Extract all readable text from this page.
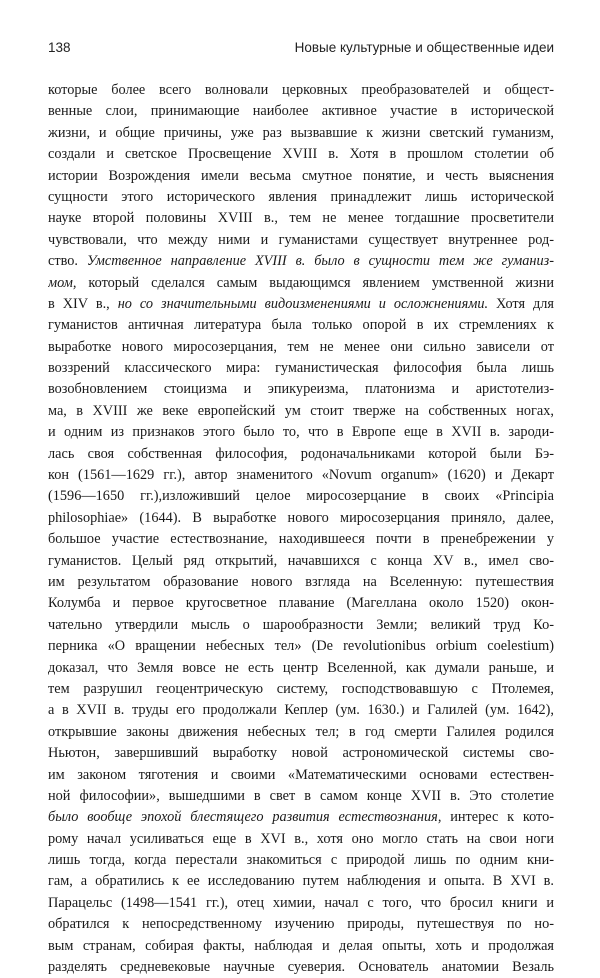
138	Новые культурные и общественные идеи
которые более всего волновали церковных преобразователей и общест-
венные слои, принимающие наиболее активное участие в исторической
жизни, и общие причины, уже раз вызвавшие к жизни светский гуманизм,
создали и светское Просвещение XVIII в. Хотя в прошлом столетии об
истории Возрождения имели весьма смутное понятие, и честь выяснения
сущности этого исторического явления принадлежит лишь исторической
науке второй половины XVIII в., тем не менее тогдашние просветители
чувствовали, что между ними и гуманистами существует внутреннее род-
ство. Умственное направление XVIII в. было в сущности тем же гуманиз-
мом, который сделался самым выдающимся явлением умственной жизни
в XIV в., но со значительными видоизменениями и осложнениями. Хотя для
гуманистов античная литература была только опорой в их стремлениях к
выработке нового миросозерцания, тем не менее они сильно зависели от
воззрений классического мира: гуманистическая философия была лишь
возобновлением стоицизма и эпикуреизма, платонизма и аристотелиз-
ма, в XVIII же веке европейский ум стоит тверже на собственных ногах,
и одним из признаков этого было то, что в Европе еще в XVII в. зароди-
лась своя собственная философия, родоначальниками которой были Бэ-
кон (1561—1629 гг.), автор знаменитого «Novum organum» (1620) и Декарт
(1596—1650 гг.),изложивший целое миросозерцание в своих «Principia
philosophiae» (1644). В выработке нового миросозерцания приняло, далее,
большое участие естествознание, находившееся почти в пренебрежении у
гуманистов. Целый ряд открытий, начавшихся с конца XV в., имел сво-
им результатом образование нового взгляда на Вселенную: путешествия
Колумба и первое кругосветное плавание (Магеллана около 1520) окон-
чательно утвердили мысль о шарообразности Земли; великий труд Ко-
перника «О вращении небесных тел» (De revolutionibus orbium coelestium)
доказал, что Земля вовсе не есть центр Вселенной, как думали раньше, и
тем разрушил геоцентрическую систему, господствовавшую с Птолемея,
а в XVII в. труды его продолжали Кеплер (ум. 1630.) и Галилей (ум. 1642),
открывшие законы движения небесных тел; в год смерти Галилея родился
Ньютон, завершивший выработку новой астрономической системы сво-
им законом тяготения и своими «Математическими основами естествен-
ной философии», вышедшими в свет в самом конце XVII в. Это столетие
было вообще эпохой блестящего развития естествознания, интерес к кото-
рому начал усиливаться еще в XVI в., хотя оно могло стать на свои ноги
лишь тогда, когда перестали знакомиться с природой лишь по одним кни-
гам, а обратились к ее исследованию путем наблюдения и опыта. В XVI в.
Парацельс (1498—1541 гг.), отец химии, начал с того, что бросил книги и
обратился к непосредственному изучению природы, путешествуя по но-
вым странам, собирая факты, наблюдая и делая опыты, хоть и продолжая
разделять средневековые научные суеверия. Основатель анатомии Везаль
